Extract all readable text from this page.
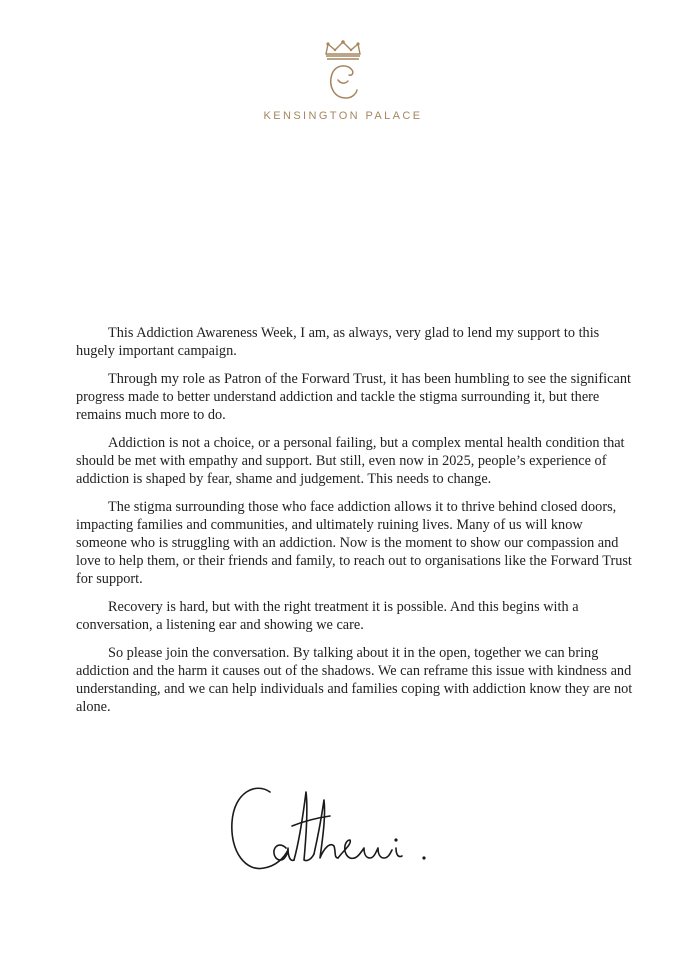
KENSINGTON PALACE

This Addiction Awareness Week, I am, as always, very glad to lend my support to this hugely important campaign.

Through my role as Patron of the Forward Trust, it has been humbling to see the significant progress made to better understand addiction and tackle the stigma surrounding it, but there remains much more to do.

Addiction is not a choice, or a personal failing, but a complex mental health condition that should be met with empathy and support. But still, even now in 2025, people’s experience of addiction is shaped by fear, shame and judgement. This needs to change.

The stigma surrounding those who face addiction allows it to thrive behind closed doors, impacting families and communities, and ultimately ruining lives. Many of us will know someone who is struggling with an addiction. Now is the moment to show our compassion and love to help them, or their friends and family, to reach out to organisations like the Forward Trust for support.

Recovery is hard, but with the right treatment it is possible. And this begins with a conversation, a listening ear and showing we care.

So please join the conversation. By talking about it in the open, together we can bring addiction and the harm it causes out of the shadows. We can reframe this issue with kindness and understanding, and we can help individuals and families coping with addiction know they are not alone.
